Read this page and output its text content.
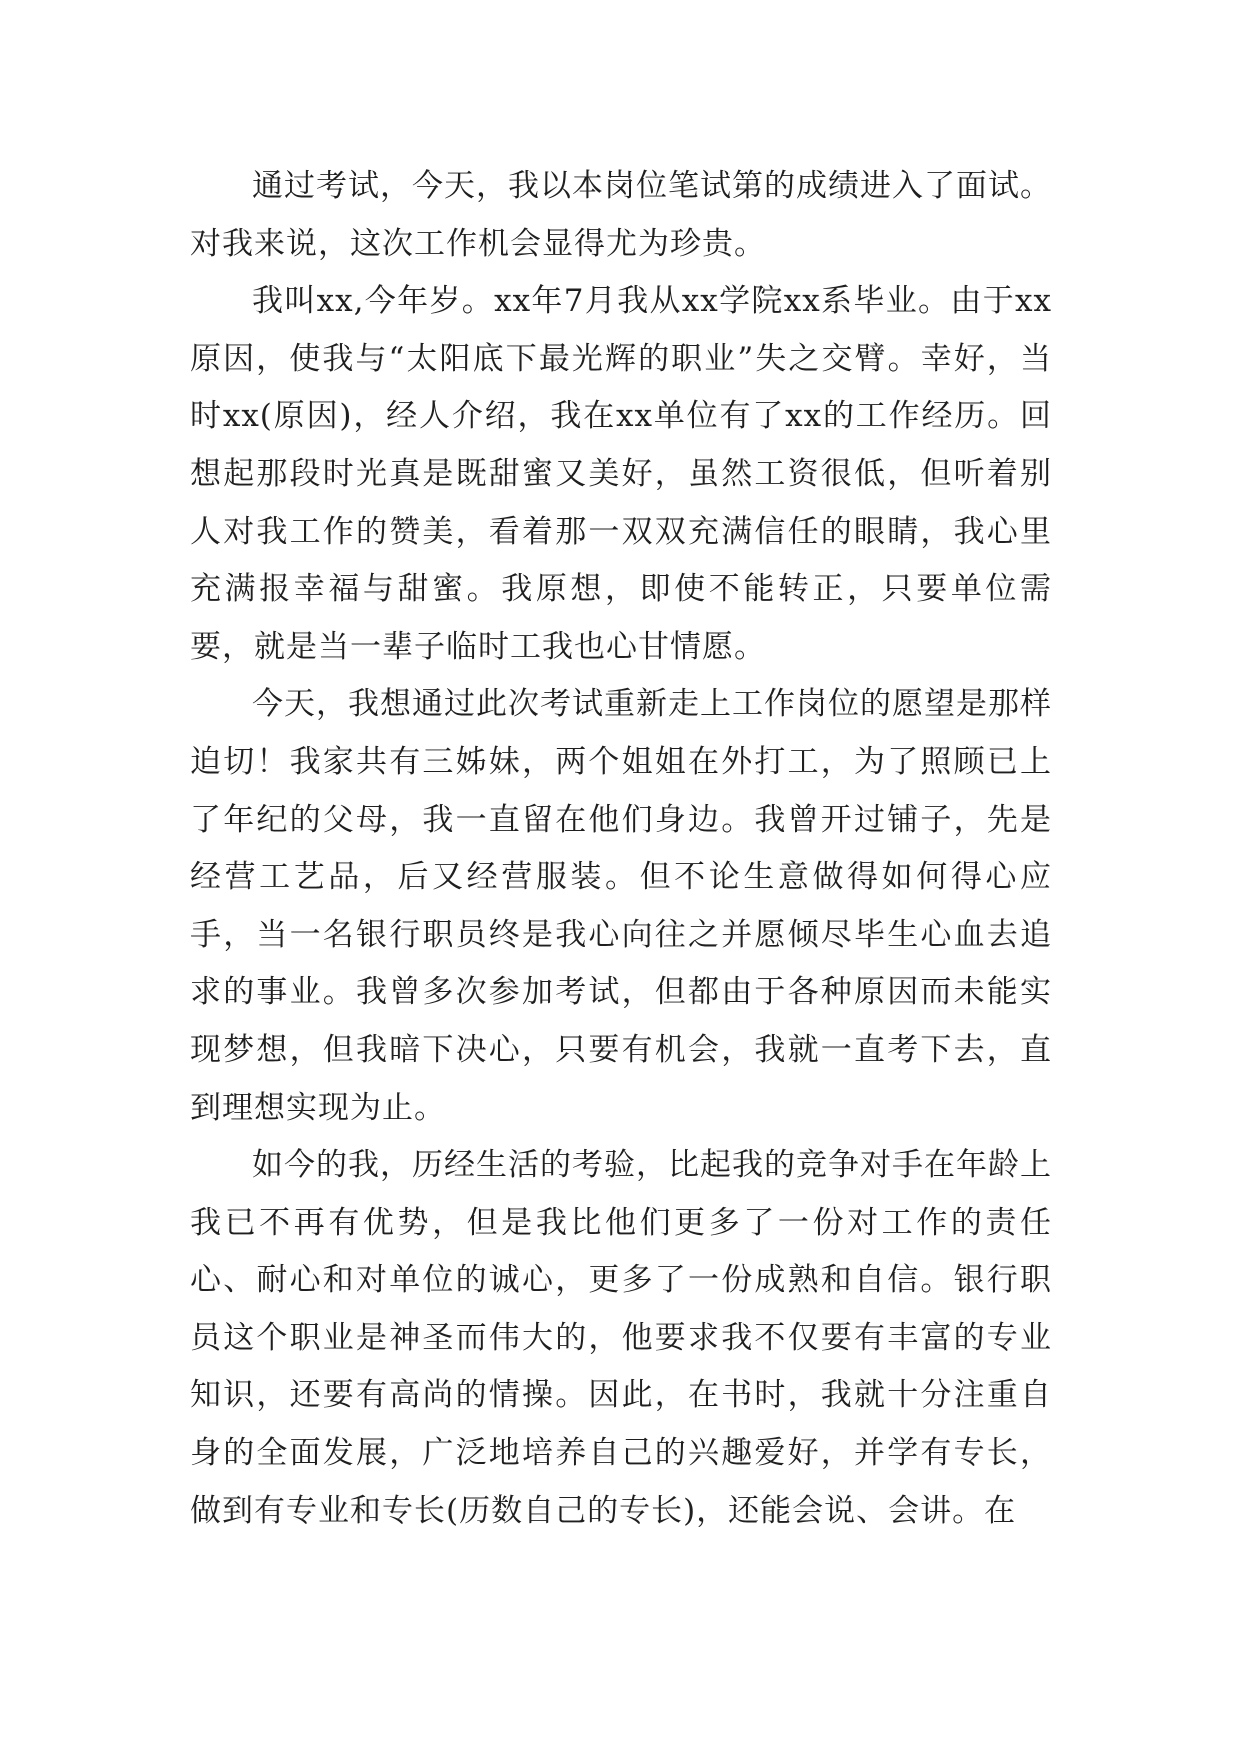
通过考试，今天，我以本岗位笔试第的成绩进入了面试。对我来说，这次工作机会显得尤为珍贵。

我叫xx,今年岁。xx年7月我从xx学院xx系毕业。由于xx原因，使我与“太阳底下最光辉的职业”失之交臂。幸好，当时xx(原因)，经人介绍，我在xx单位有了xx的工作经历。回想起那段时光真是既甜蜜又美好，虽然工资很低，但听着别人对我工作的赞美，看着那一双双充满信任的眼睛，我心里充满报幸福与甜蜜。我原想，即使不能转正，只要单位需要，就是当一辈子临时工我也心甘情愿。

今天，我想通过此次考试重新走上工作岗位的愿望是那样迫切！我家共有三姊妹，两个姐姐在外打工，为了照顾已上了年纪的父母，我一直留在他们身边。我曾开过铺子，先是经营工艺品，后又经营服装。但不论生意做得如何得心应手，当一名银行职员终是我心向往之并愿倾尽毕生心血去追求的事业。我曾多次参加考试，但都由于各种原因而未能实现梦想，但我暗下决心，只要有机会，我就一直考下去，直到理想实现为止。

如今的我，历经生活的考验，比起我的竞争对手在年龄上我已不再有优势，但是我比他们更多了一份对工作的责任心、耐心和对单位的诚心，更多了一份成熟和自信。银行职员这个职业是神圣而伟大的，他要求我不仅要有丰富的专业知识，还要有高尚的情操。因此，在书时，我就十分注重自身的全面发展，广泛地培养自己的兴趣爱好，并学有专长，做到有专业和专长(历数自己的专长)，还能会说、会讲。在
